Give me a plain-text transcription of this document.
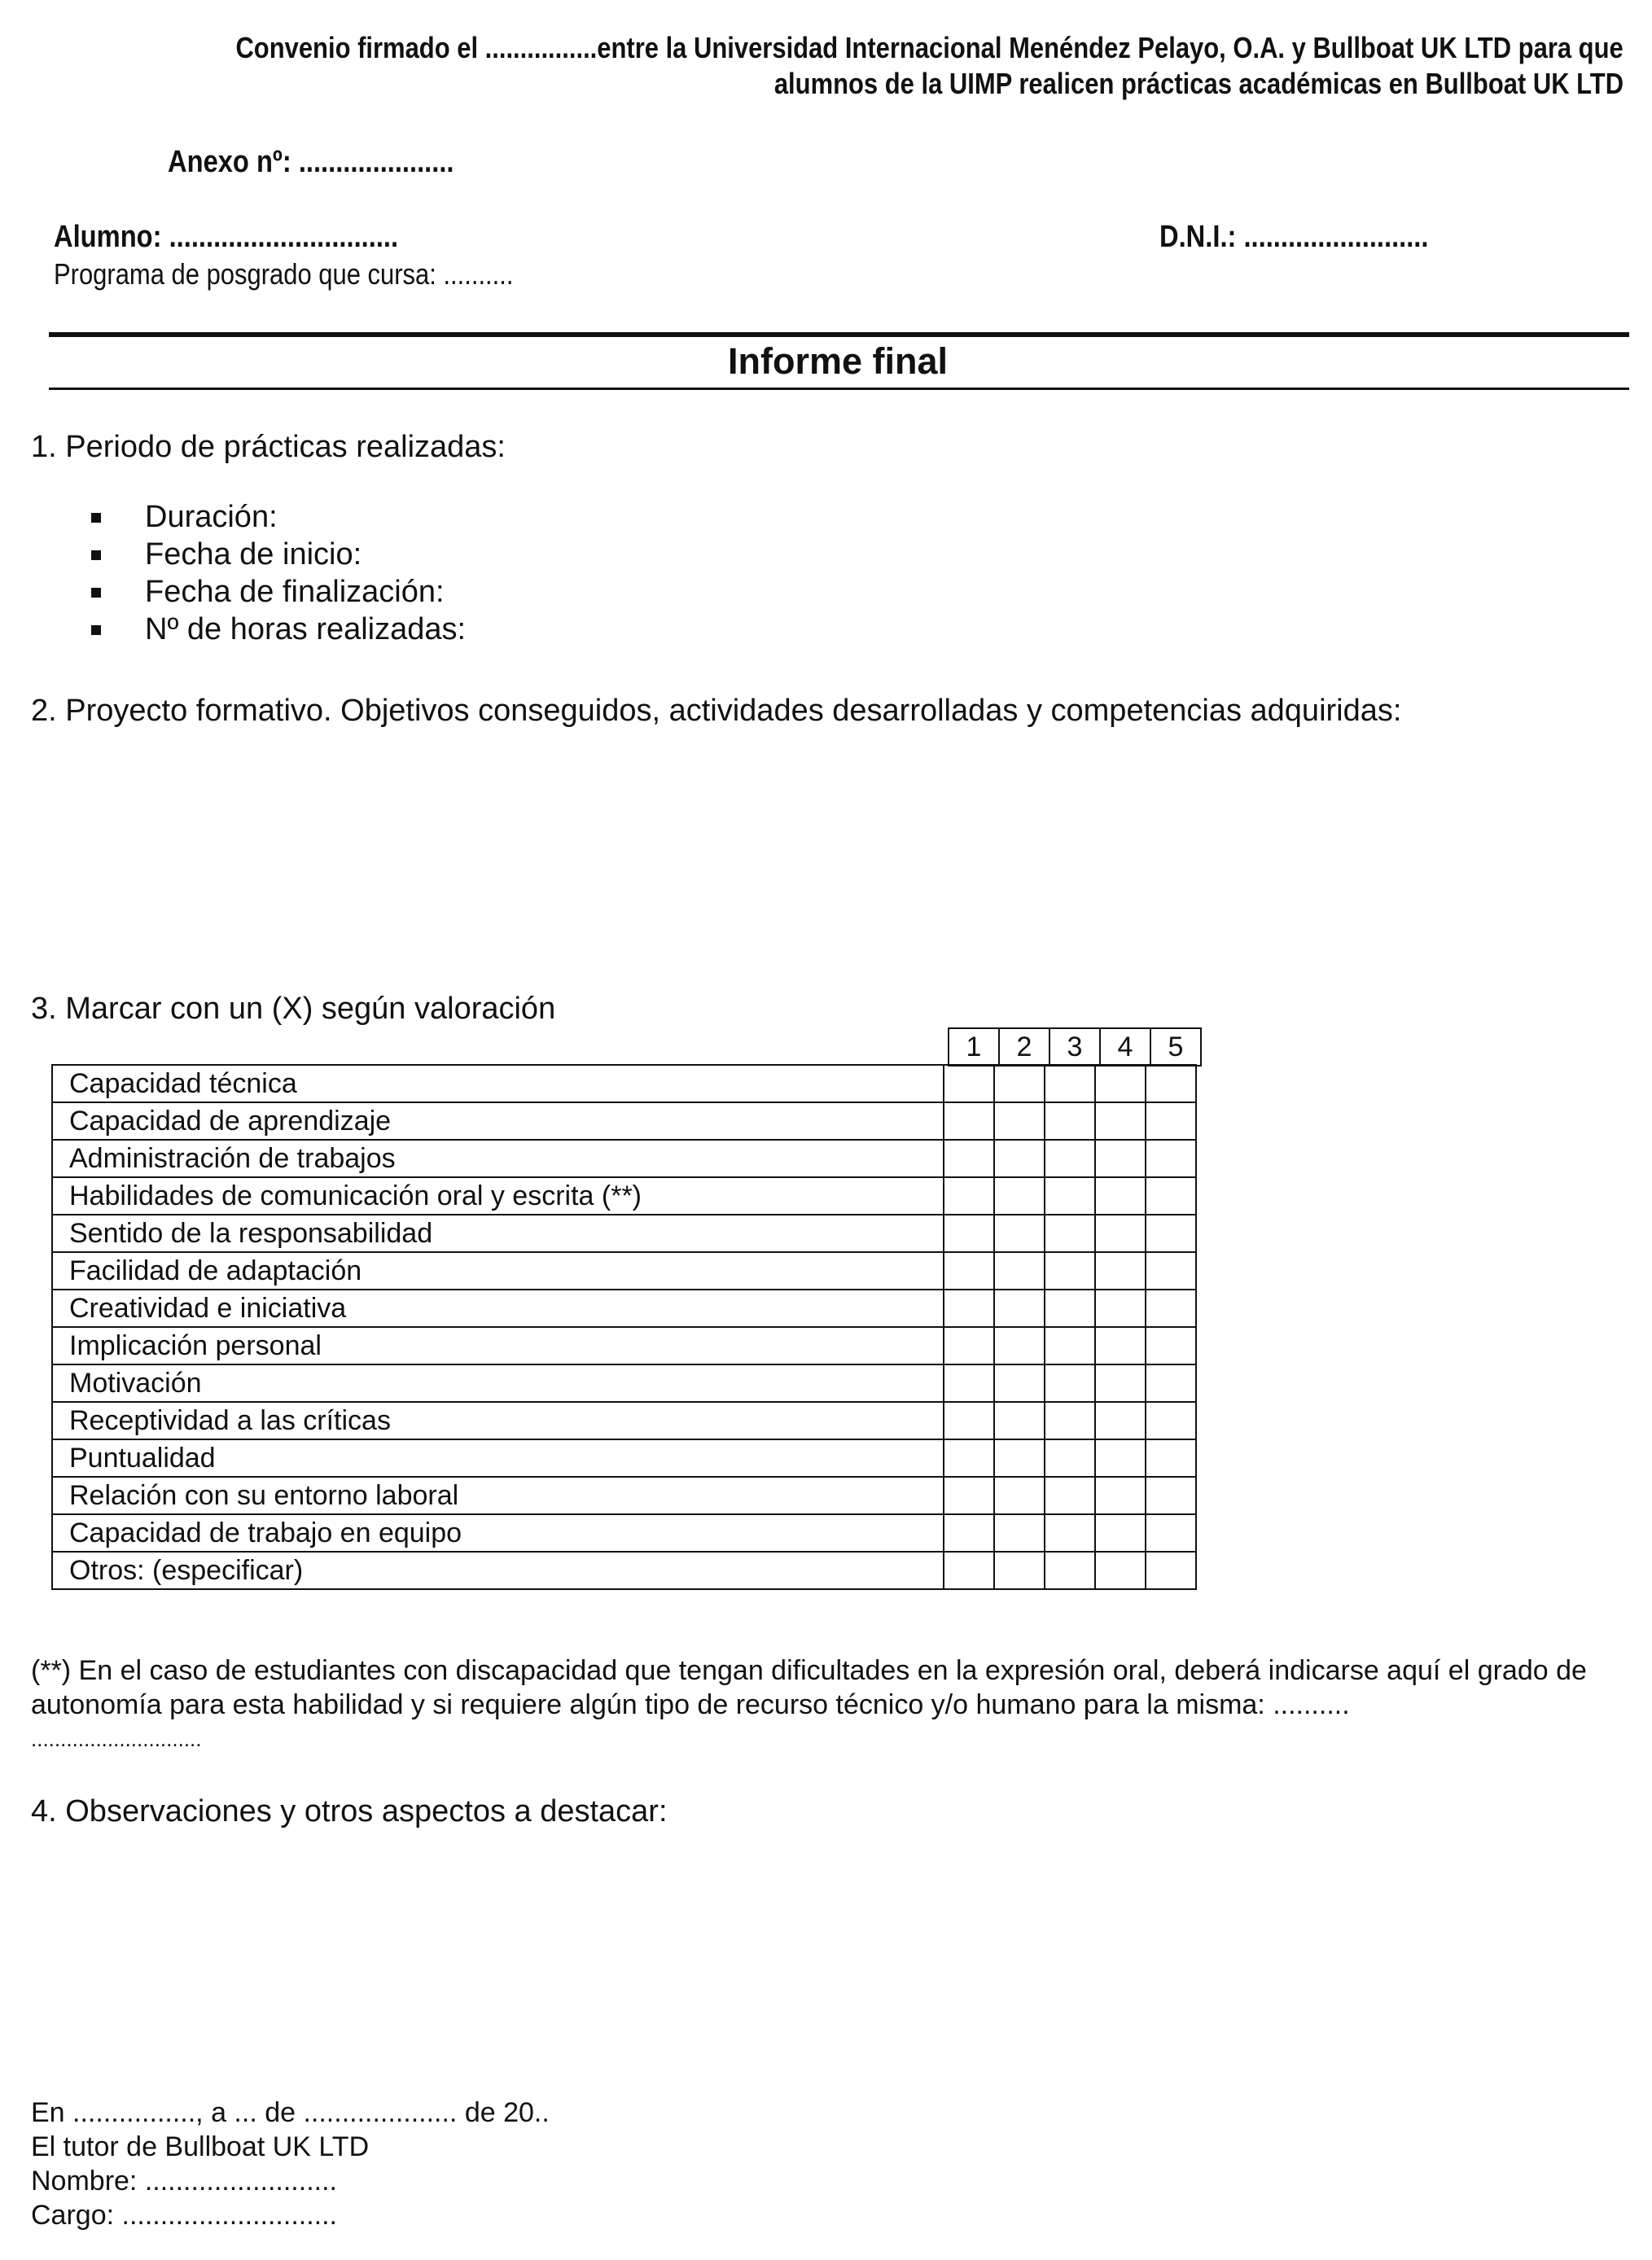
Convenio firmado el ................entre la Universidad Internacional Menéndez Pelayo, O.A. y Bullboat UK LTD para que
alumnos de la UIMP realicen prácticas académicas en Bullboat UK LTD
Anexo nº: .....................
Alumno: ...............................	D.N.I.: .........................
Programa de posgrado que cursa: ..........
Informe final
1. Periodo de prácticas realizadas:
Duración:
Fecha de inicio:
Fecha de finalización:
Nº de horas realizadas:
2. Proyecto formativo. Objetivos conseguidos, actividades desarrolladas y competencias adquiridas:
3. Marcar con un (X) según valoración
1	2	3	4	5
Capacidad técnica					
Capacidad de aprendizaje					
Administración de trabajos					
Habilidades de comunicación oral y escrita (**)					
Sentido de la responsabilidad					
Facilidad de adaptación					
Creatividad e iniciativa					
Implicación personal					
Motivación					
Receptividad a las críticas					
Puntualidad					
Relación con su entorno laboral					
Capacidad de trabajo en equipo					
Otros: (especificar)					
(**) En el caso de estudiantes con discapacidad que tengan dificultades en la expresión oral, deberá indicarse aquí el grado de
autonomía para esta habilidad y si requiere algún tipo de recurso técnico y/o humano para la misma: ..........
.............................
4. Observaciones y otros aspectos a destacar:
En ................, a ... de .................... de 20..
El tutor de Bullboat UK LTD
Nombre: .........................
Cargo: ............................
